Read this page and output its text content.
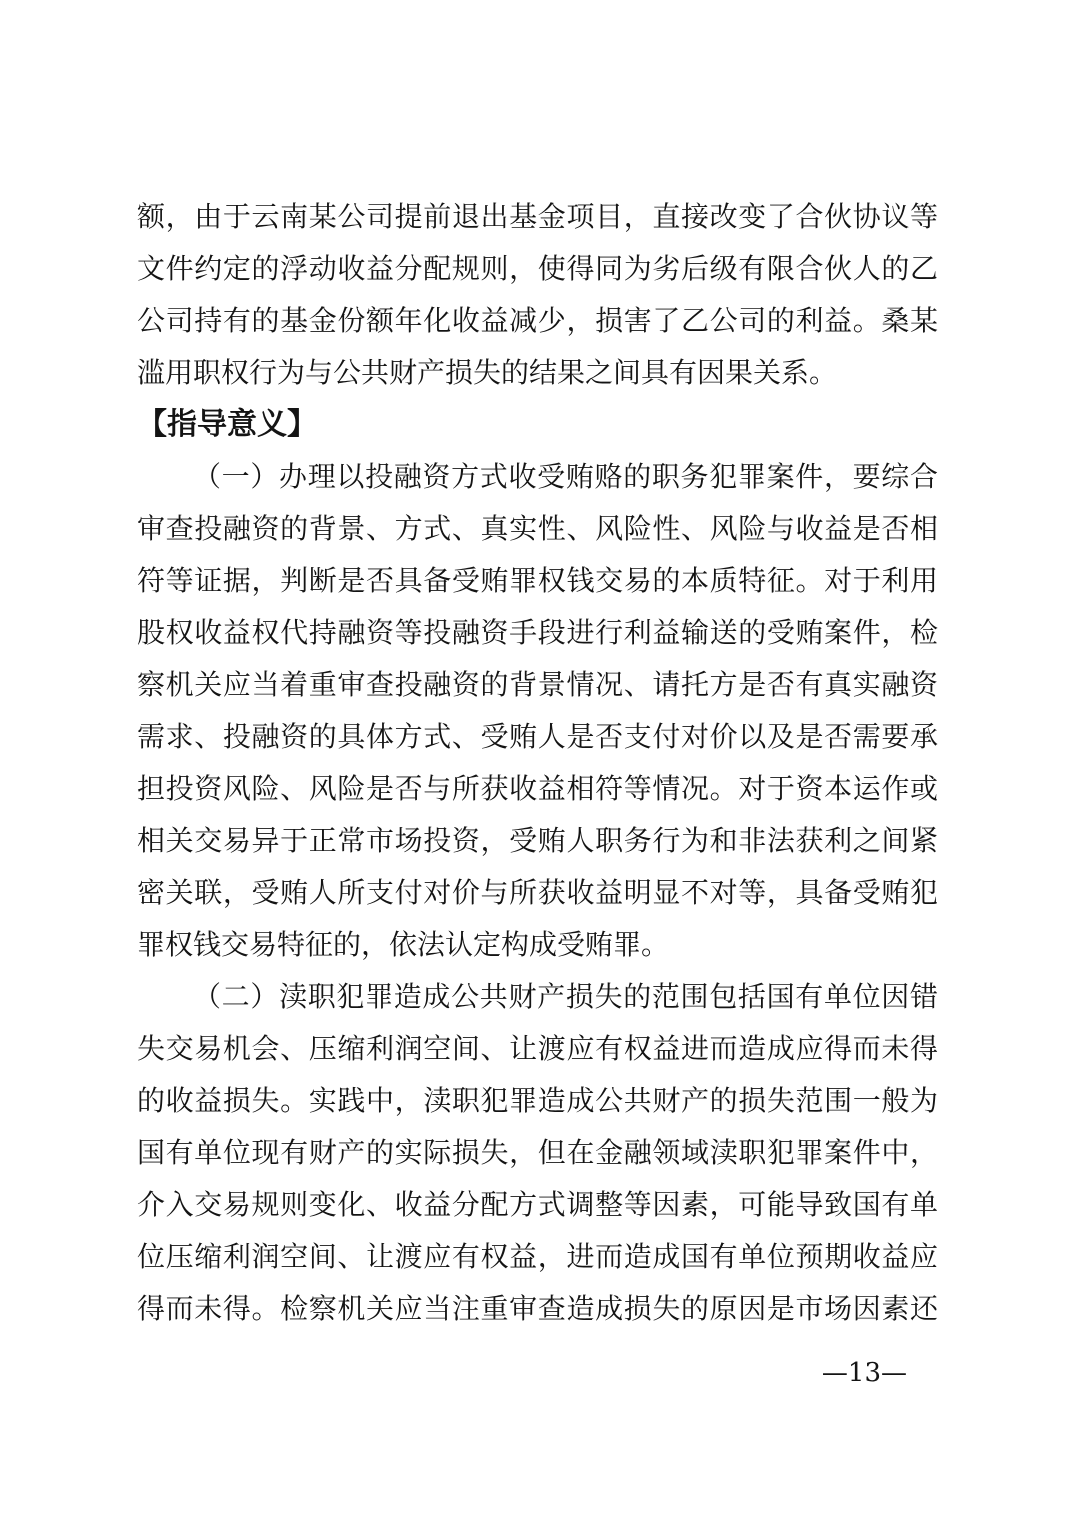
额，由于云南某公司提前退出基金项目，直接改变了合伙协议等
文件约定的浮动收益分配规则，使得同为劣后级有限合伙人的乙
公司持有的基金份额年化收益减少，损害了乙公司的利益。桑某
滥用职权行为与公共财产损失的结果之间具有因果关系。
【指导意义】
（一）办理以投融资方式收受贿赂的职务犯罪案件，要综合
审查投融资的背景、方式、真实性、风险性、风险与收益是否相
符等证据，判断是否具备受贿罪权钱交易的本质特征。对于利用
股权收益权代持融资等投融资手段进行利益输送的受贿案件，检
察机关应当着重审查投融资的背景情况、请托方是否有真实融资
需求、投融资的具体方式、受贿人是否支付对价以及是否需要承
担投资风险、风险是否与所获收益相符等情况。对于资本运作或
相关交易异于正常市场投资，受贿人职务行为和非法获利之间紧
密关联，受贿人所支付对价与所获收益明显不对等，具备受贿犯
罪权钱交易特征的，依法认定构成受贿罪。
（二）渎职犯罪造成公共财产损失的范围包括国有单位因错
失交易机会、压缩利润空间、让渡应有权益进而造成应得而未得
的收益损失。实践中，渎职犯罪造成公共财产的损失范围一般为
国有单位现有财产的实际损失，但在金融领域渎职犯罪案件中，
介入交易规则变化、收益分配方式调整等因素，可能导致国有单
位压缩利润空间、让渡应有权益，进而造成国有单位预期收益应
得而未得。检察机关应当注重审查造成损失的原因是市场因素还
—13—
